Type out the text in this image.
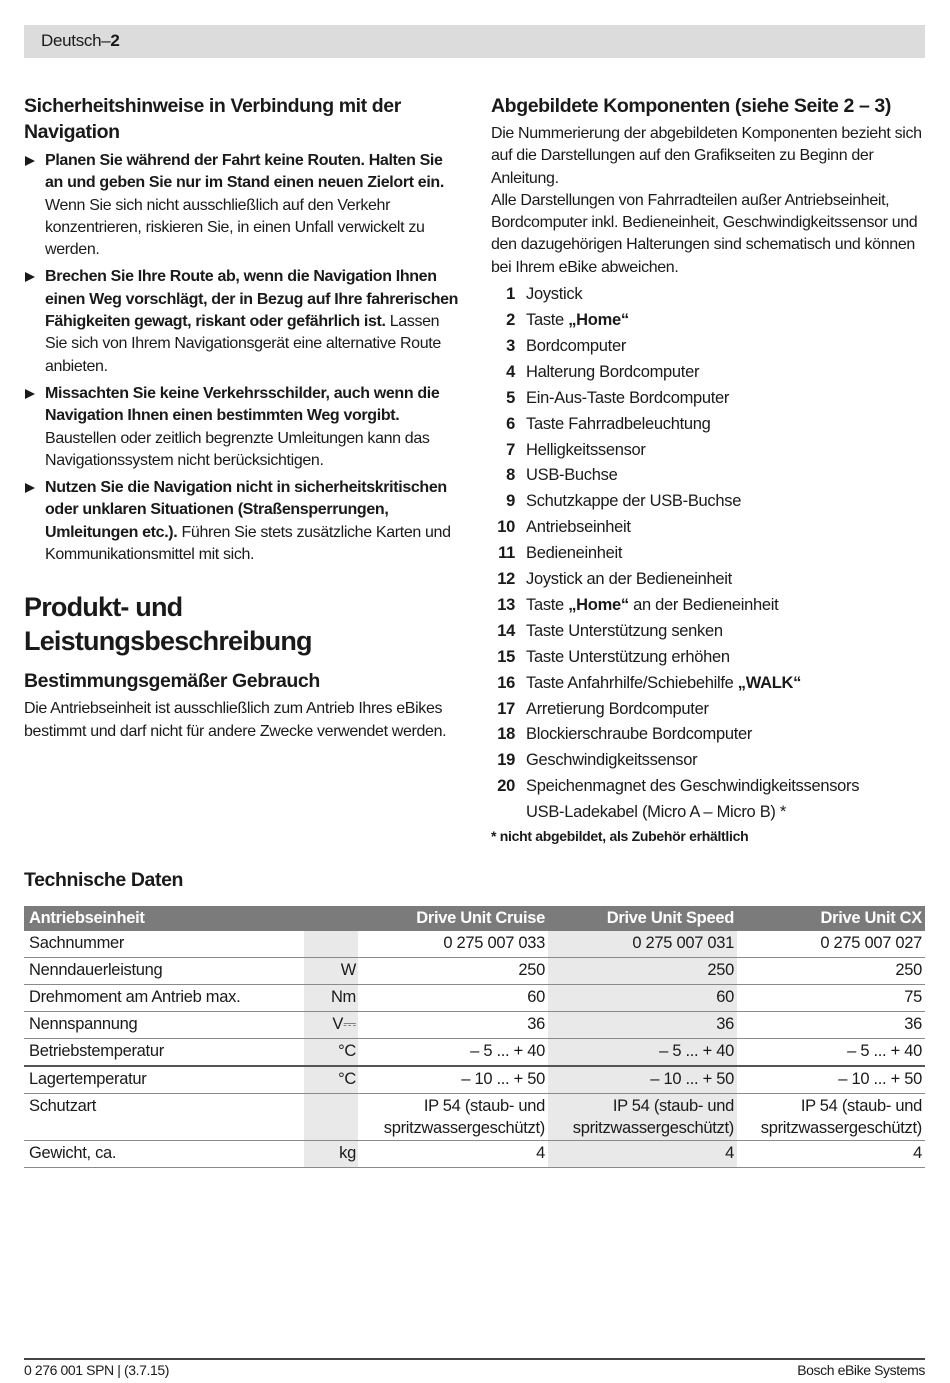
Deutsch–2
Sicherheitshinweise in Verbindung mit der Navigation
Planen Sie während der Fahrt keine Routen. Halten Sie an und geben Sie nur im Stand einen neuen Zielort ein. Wenn Sie sich nicht ausschließlich auf den Verkehr konzentrieren, riskieren Sie, in einen Unfall verwickelt zu werden.
Brechen Sie Ihre Route ab, wenn die Navigation Ihnen einen Weg vorschlägt, der in Bezug auf Ihre fahrerischen Fähigkeiten gewagt, riskant oder gefährlich ist. Lassen Sie sich von Ihrem Navigationsgerät eine alternative Route anbieten.
Missachten Sie keine Verkehrsschilder, auch wenn die Navigation Ihnen einen bestimmten Weg vorgibt. Baustellen oder zeitlich begrenzte Umleitungen kann das Navigationssystem nicht berücksichtigen.
Nutzen Sie die Navigation nicht in sicherheitskritischen oder unklaren Situationen (Straßensperrungen, Umleitungen etc.). Führen Sie stets zusätzliche Karten und Kommunikationsmittel mit sich.
Produkt- und Leistungsbeschreibung
Bestimmungsgemäßer Gebrauch

Die Antriebseinheit ist ausschließlich zum Antrieb Ihres eBikes bestimmt und darf nicht für andere Zwecke verwendet werden.

Abgebildete Komponenten (siehe Seite 2 – 3)

Die Nummerierung der abgebildeten Komponenten bezieht sich auf die Darstellungen auf den Grafikseiten zu Beginn der Anleitung.

Alle Darstellungen von Fahrradteilen außer Antriebseinheit, Bordcomputer inkl. Bedieneinheit, Geschwindigkeitssensor und den dazugehörigen Halterungen sind schematisch und können bei Ihrem eBike abweichen.

1 Joystick
2 Taste „Home“
3 Bordcomputer
4 Halterung Bordcomputer
5 Ein-Aus-Taste Bordcomputer
6 Taste Fahrradbeleuchtung
7 Helligkeitssensor
8 USB-Buchse
9 Schutzkappe der USB-Buchse
10 Antriebseinheit
11 Bedieneinheit
12 Joystick an der Bedieneinheit
13 Taste „Home“ an der Bedieneinheit
14 Taste Unterstützung senken
15 Taste Unterstützung erhöhen
16 Taste Anfahrhilfe/Schiebehilfe „WALK“
17 Arretierung Bordcomputer
18 Blockierschraube Bordcomputer
19 Geschwindigkeitssensor
20 Speichenmagnet des Geschwindigkeitssensors
USB-Ladekabel (Micro A – Micro B) *
* nicht abgebildet, als Zubehör erhältlich
Technische Daten
Antriebseinheit		Drive Unit Cruise	Drive Unit Speed	Drive Unit CX
Sachnummer		0 275 007 033	0 275 007 031	0 275 007 027
Nenndauerleistung	W	250	250	250
Drehmoment am Antrieb max.	Nm	60	60	75
Nennspannung	V⎓	36	36	36
Betriebstemperatur	°C	– 5 ... + 40	– 5 ... + 40	– 5 ... + 40
Lagertemperatur	°C	– 10 ... + 50	– 10 ... + 50	– 10 ... + 50
Schutzart		IP 54 (staub- und spritzwassergeschützt)	IP 54 (staub- und spritzwassergeschützt)	IP 54 (staub- und spritzwassergeschützt)
Gewicht, ca.	kg	4	4	4
0 276 001 SPN | (3.7.15)	Bosch eBike Systems
